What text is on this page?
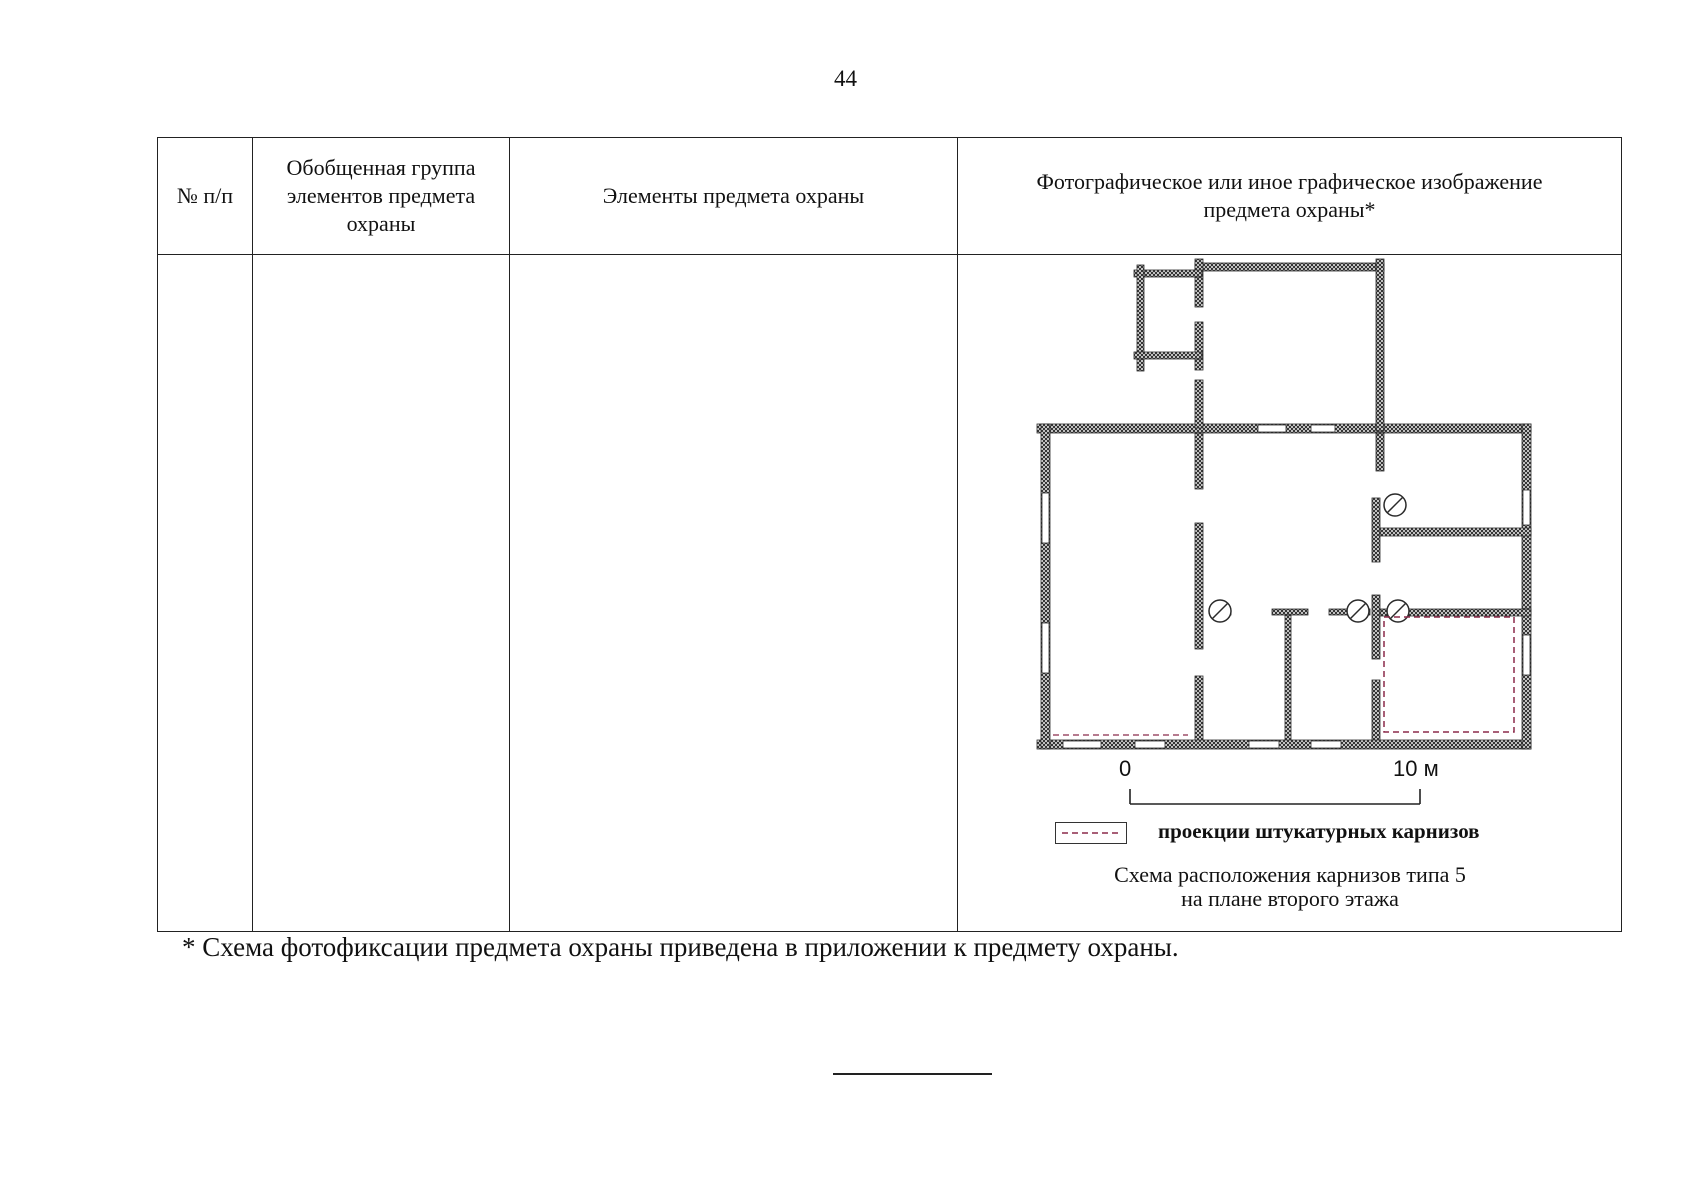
44
№ п/п	Обобщенная группа
элементов предмета
охраны	Элементы предмета охраны	Фотографическое или иное графическое изображение
предмета охраны*

			0 10 м
проекции штукатурных карнизов
Схема расположения карнизов типа 5
на плане второго этажа
* Схема фотофиксации предмета охраны приведена в приложении к предмету охраны.
